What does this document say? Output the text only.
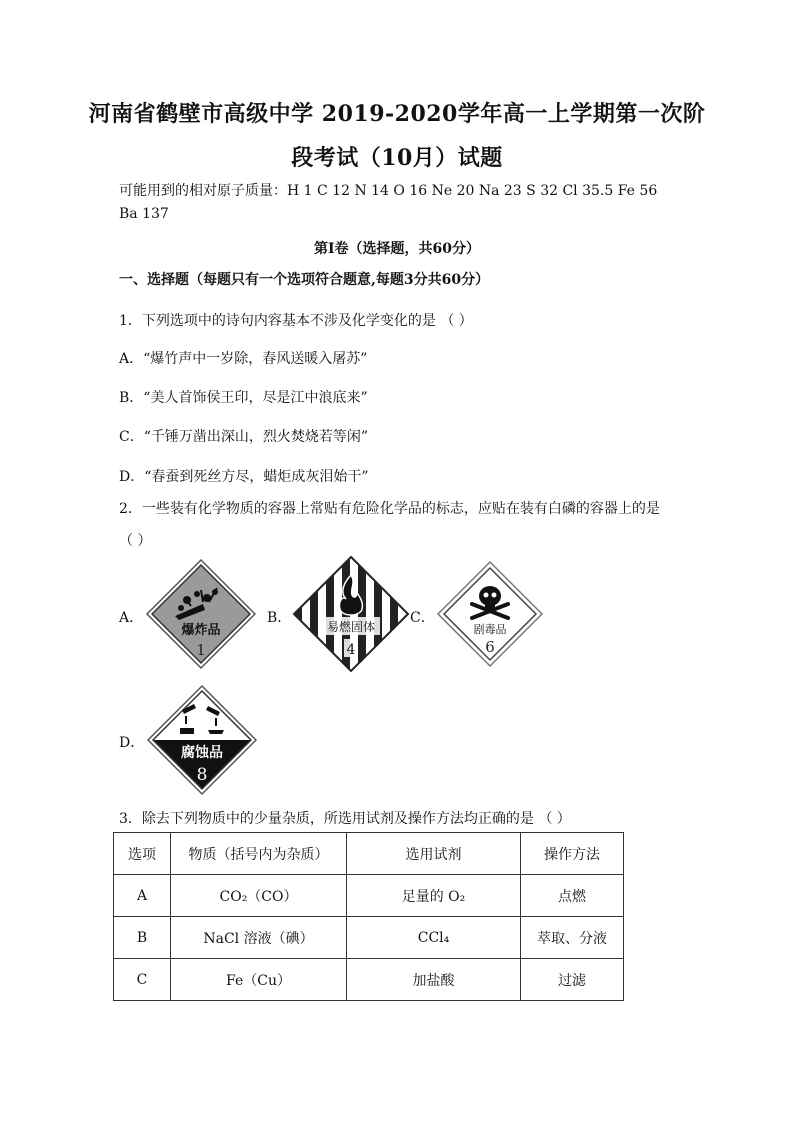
河南省鹤壁市高级中学 2019-2020学年高一上学期第一次阶
段考试（10月）试题
可能用到的相对原子质量：H 1 C 12 N 14 O 16 Ne 20 Na 23 S 32 Cl 35.5 Fe 56
Ba 137
第Ⅰ卷（选择题，共60分）
一、选择题（每题只有一个选项符合题意,每题3分共60分）
1．下列选项中的诗句内容基本不涉及化学变化的是 （ ）
A．“爆竹声中一岁除，春风送暖入屠苏”
B．“美人首饰侯王印，尽是江中浪底来”
C．“千锤万凿出深山，烈火焚烧若等闲”
D．“春蚕到死丝方尽，蜡炬成灰泪始干”
2．一些装有化学物质的容器上常贴有危险化学品的标志，应贴在装有白磷的容器上的是
（ ）
A．	B．	C．
D．
爆炸品
1
易燃固体
4
剧毒品
6
腐蚀品
8
3．除去下列物质中的少量杂质，所选用试剂及操作方法均正确的是 （ ）
选项	物质（括号内为杂质）	选用试剂	操作方法
A	CO₂（CO）	足量的 O₂	点燃
B	NaCl 溶液（碘）	CCl₄	萃取、分液
C	Fe（Cu）	加盐酸	过滤
